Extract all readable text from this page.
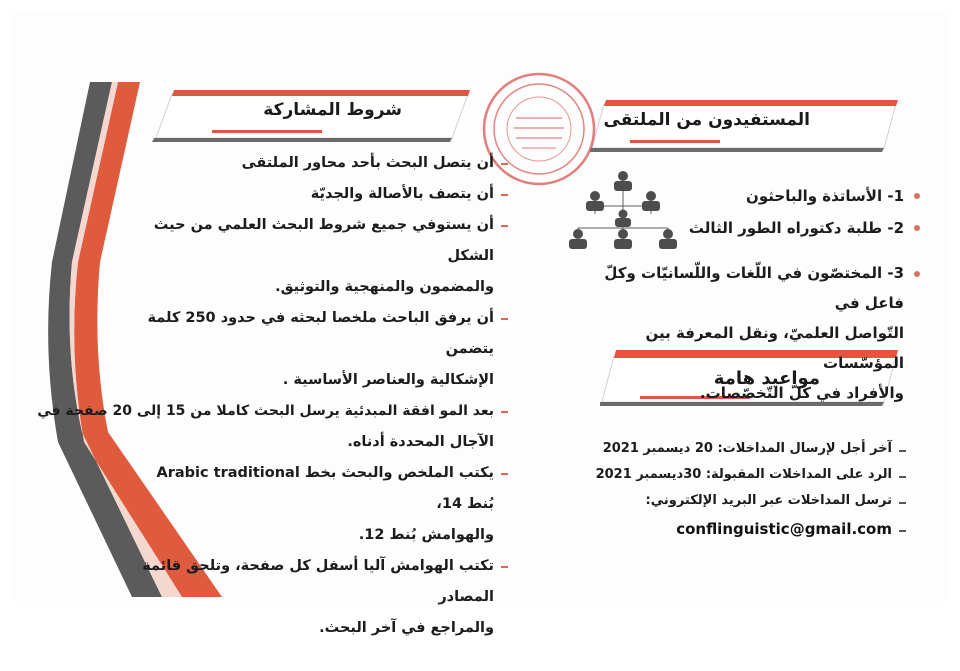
شروط المشاركة	المستفيدون من الملتقى
مواعيد هامة
أن يتصل البحث بأحد محاور الملتقى
أن يتصف بالأصالة والجديّة
أن يستوفي جميع شروط البحث العلمي من حيث الشكل
والمضمون والمنهجية والتوثيق.
أن يرفق الباحث ملخصا لبحثه في حدود 250 كلمة يتضمن
الإشكالية والعناصر الأساسية .
بعد المو افقة المبدئية يرسل البحث كاملا من 15 إلى 20 صفحة في
الآجال المحددة أدناه.
يكتب الملخص والبحث بخط Arabic traditional بُنط 14،
والهوامش بُنط 12.
تكتب الهوامش آليا أسفل كل صفحة، وتلحق قائمة المصادر
والمراجع في آخر البحث.
1- الأساتذة والباحثون
2- طلبة دكتوراه الطور الثالث
3- المختصّون في اللّغات واللّسانيّات وكلّ فاعل في
التّواصل العلميّ، ونقل المعرفة بين المؤسّسات
والأفراد في كلّ التّخصّصات.
آخر أجل لإرسال المداخلات: 20 ديسمبر 2021
الرد على المداخلات المقبولة: 30ديسمبر 2021
ترسل المداخلات عبر البريد الإلكتروني:
conflinguistic@gmail.com
